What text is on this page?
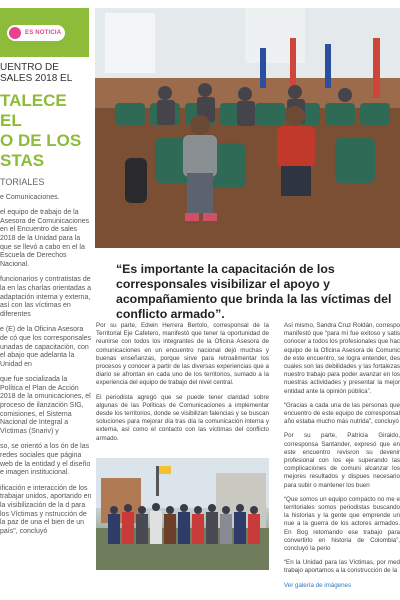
ES NOTICIA

UENTRO DE
SALES 2018 EL

TALECE EL
O DE LOS
STAS

TORIALES

e Comunicaciones.

el equipo de trabajo de la Asesora de Comunicaciones en el Encuentro de sales 2018 de la Unidad para la que se llevó a cabo en el la Escuela de Derechos Nacional.

funcionarios y contratistas de la en las charlas orientadas a adaptación interna y externa, así con las víctimas en diferentes

e (E) de la Oficina Asesora de có que los corresponsales unadas de capacitación, con el abajo que adelanta la Unidad en

que fue socializada la Política el Plan de Acción 2018 de la omunicaciones, el proceso de ilanzación SIG, comisiones, el Sistema Nacional de Integral a Víctimas (Snariv) y

so, se orientó a los ón de las redes sociales que página web de la entidad y el diseño e imagen institucional.

ificación e interacción de los trabajar unidos, aportando en la visibilización de la d para los Víctimas y nstrucción de la paz de una el bien de un país", concluyó

“Es importante la capacitación de los corresponsales visibilizar el apoyo y acompañamiento que brinda la las víctimas del conflicto armado”.

Por su parte, Edwin Herrera Bertolo, corresponsal de la Territorial Eje Cafetero, manifestó que tener la oportunidad de reunirse con todos los integrantes de la Oficina Asesora de comunicaciones en un encuentro nacional dejó muchas y buenas enseñanzas, porque sirve para retroalimentar los procesos y conocer a partir de las diversas experiencias que a diario se afrontan en cada uno de los territorios, sumado a la experiencia del equipo de trabajo del nivel central.

El periodista agregó que se puede tener claridad sobre algunas de las Políticas de Comunicaciones a implementar desde los territorios, donde se visibilizan falencias y se buscan soluciones para mejorar día tras día la comunicación interna y externa, así como el contacto con las víctimas del conflicto armado.

Así mismo, Sandra Cruz Roldán, correspo manifestó que “para mí fue exitoso y satis conocer a todos los profesionales que hac equipo de la Oficina Asesora de Comunic de este encuentro, se logra entender, des cuales son las debilidades y las fortalezas nuestro trabajo para poder avanzar en los nuestras actividades y presentar la mejor entidad ante la opinión pública”.

“Gracias a cada una de las personas que encuentro de este equipo de corresponsal año estaba mucho más nutrida”, concluyó

Por su parte, Patricia Giraldo, corresponsa Santander, expresó que en este encuentro revisron su devenir profesional con los eje superando las complicaciones de comuni alcanzar los mejores resultados y dispues necesario para subir o mantener los buen

“Que somos un equipo compacto no me e territoriales somos periodistas buscando la historias y la gente que emprende un nue a la guerra de los actores armados. En Bog retomando ese trabajo para convertirlo en historia de Colombia”, concluyó la perio

“En la Unidad para las Víctimas, por med trabajo aportamos a la construcción de la

Ver galería de imágenes
